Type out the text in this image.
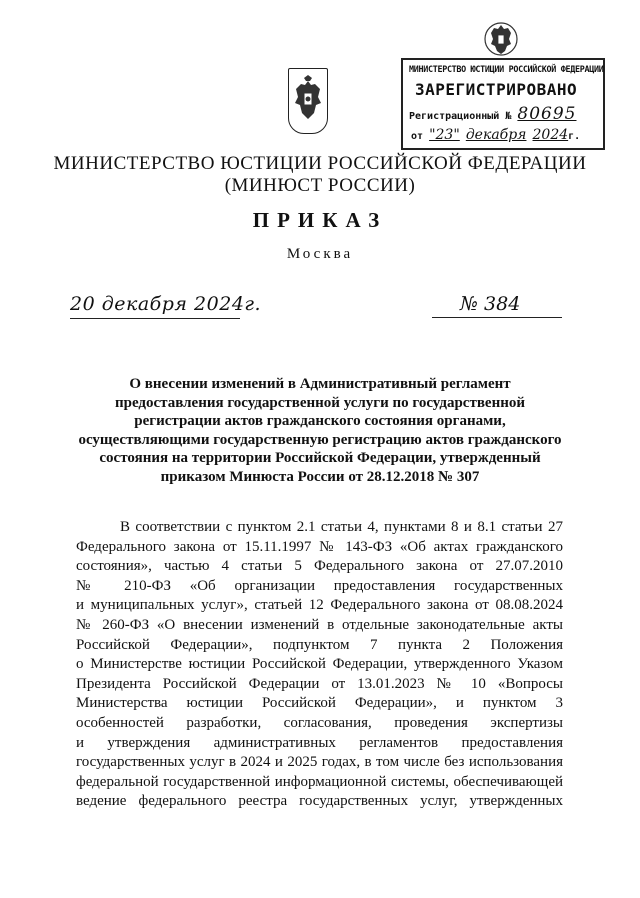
МИНИСТЕРСТВО ЮСТИЦИИ РОССИЙСКОЙ ФЕДЕРАЦИИ
ЗАРЕГИСТРИРОВАНО
Регистрационный № 80695
от "23" декабря 2024г.
МИНИСТЕРСТВО ЮСТИЦИИ РОССИЙСКОЙ ФЕДЕРАЦИИ
(МИНЮСТ РОССИИ)
ПРИКАЗ
Москва
20 декабря 2024г.	№ 384
О внесении изменений в Административный регламент
предоставления государственной услуги по государственной
регистрации актов гражданского состояния органами,
осуществляющими государственную регистрацию актов гражданского
состояния на территории Российской Федерации, утвержденный
приказом Минюста России от 28.12.2018 № 307
В соответствии с пунктом 2.1 статьи 4, пунктами 8 и 8.1 статьи 27
Федерального закона от 15.11.1997 № 143-ФЗ «Об актах гражданского
состояния», частью 4 статьи 5 Федерального закона от 27.07.2010
№ 210-ФЗ «Об организации предоставления государственных
и муниципальных услуг», статьей 12 Федерального закона от 08.08.2024
№ 260-ФЗ «О внесении изменений в отдельные законодательные акты
Российской Федерации», подпунктом 7 пункта 2 Положения
о Министерстве юстиции Российской Федерации, утвержденного Указом
Президента Российской Федерации от 13.01.2023 № 10 «Вопросы
Министерства юстиции Российской Федерации», и пунктом 3
особенностей разработки, согласования, проведения экспертизы
и утверждения административных регламентов предоставления
государственных услуг в 2024 и 2025 годах, в том числе без использования
федеральной государственной информационной системы, обеспечивающей
ведение федерального реестра государственных услуг, утвержденных
